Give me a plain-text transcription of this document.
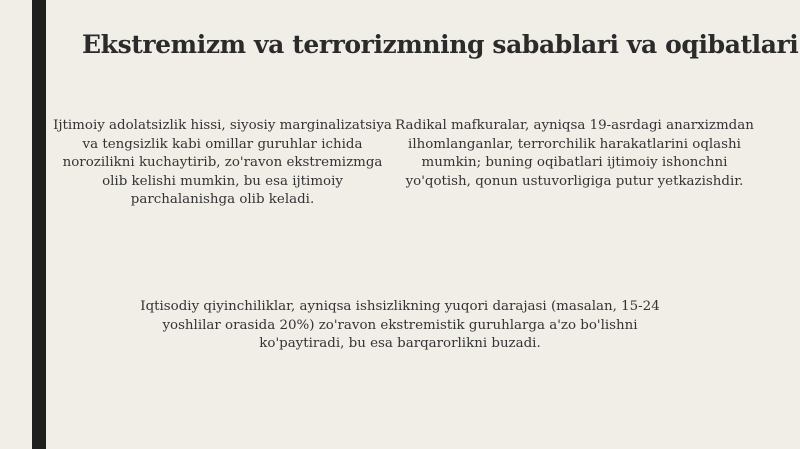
Ekstremizm va terrorizmning sabablari va oqibatlari

Ijtimoiy adolatsizlik hissi, siyosiy marginalizatsiya va tengsizlik kabi omillar guruhlar ichida norozilikni kuchaytirib, zo'ravon ekstremizmga olib kelishi mumkin, bu esa ijtimoiy parchalanishga olib keladi.

Radikal mafkuralar, ayniqsa 19-asrdagi anarxizmdan ilhomlanganlar, terrorchilik harakatlarini oqlashi mumkin; buning oqibatlari ijtimoiy ishonchni yo'qotish, qonun ustuvorligiga putur yetkazishdir.

Iqtisodiy qiyinchiliklar, ayniqsa ishsizlikning yuqori darajasi (masalan, 15-24 yoshlilar orasida 20%) zo'ravon ekstremistik guruhlarga a'zo bo'lishni ko'paytiradi, bu esa barqarorlikni buzadi.
